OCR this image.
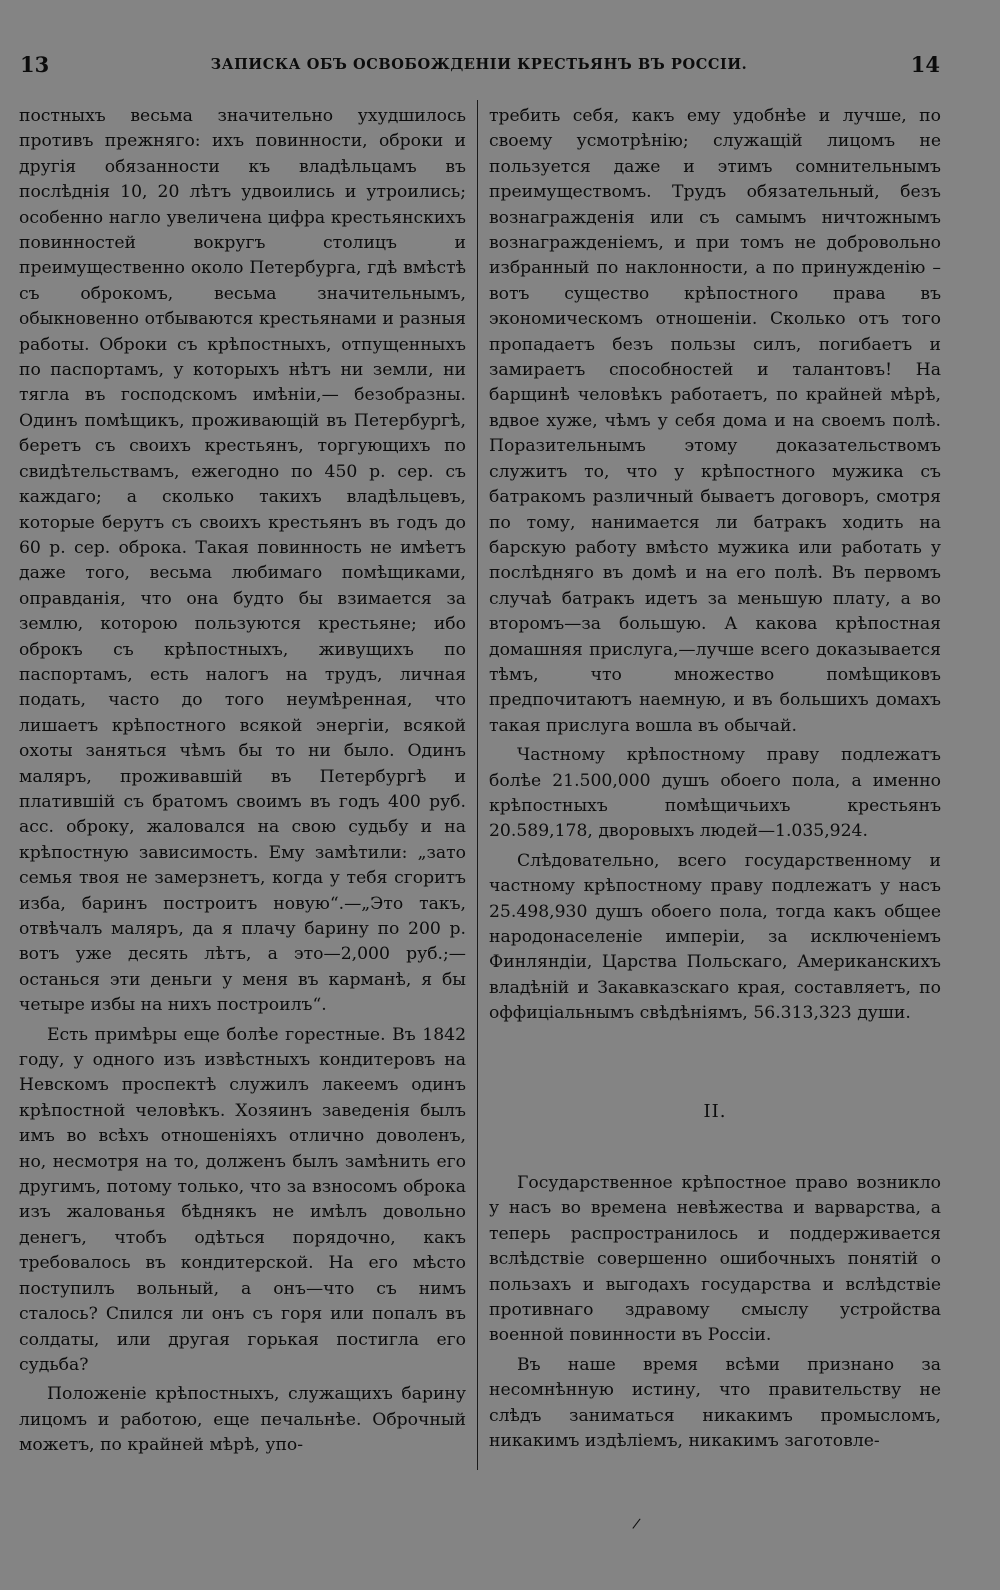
13	ЗАПИСКА ОБЪ ОСВОБОЖДЕНІИ КРЕСТЬЯНЪ ВЪ РОССІИ.	14

постныхъ весьма значительно ухудшилось противъ прежняго: ихъ повинности, оброки и другія обязанности къ владѣльцамъ въ послѣднія 10, 20 лѣтъ удвоились и утроились; особенно нагло увеличена цифра крестьянскихъ повинностей вокругъ столицъ и преимущественно около Петербурга, гдѣ вмѣстѣ съ оброкомъ, весьма значительнымъ, обыкновенно отбываются крестьянами и разныя работы. Оброки съ крѣпостныхъ, отпущенныхъ по паспортамъ, у которыхъ нѣтъ ни земли, ни тягла въ господскомъ имѣніи,— безобразны. Одинъ помѣщикъ, проживающій въ Петербургѣ, беретъ съ своихъ крестьянъ, торгующихъ по свидѣтельствамъ, ежегодно по 450 р. сер. съ каждаго; а сколько такихъ владѣльцевъ, которые берутъ съ своихъ крестьянъ въ годъ до 60 р. сер. оброка. Такая повинность не имѣетъ даже того, весьма любимаго помѣщиками, оправданія, что она будто бы взимается за землю, которою пользуются крестьяне; ибо оброкъ съ крѣпостныхъ, живущихъ по паспортамъ, есть налогъ на трудъ, личная подать, часто до того неумѣренная, что лишаетъ крѣпостного всякой энергіи, всякой охоты заняться чѣмъ бы то ни было. Одинъ маляръ, проживавшій въ Петербургѣ и платившій съ братомъ своимъ въ годъ 400 руб. асс. оброку, жаловался на свою судьбу и на крѣпостную зависимость. Ему замѣтили: „зато семья твоя не замерзнетъ, когда у тебя сгоритъ изба, баринъ построитъ новую“.—„Это такъ, отвѣчалъ маляръ, да я плачу барину по 200 р. вотъ уже десять лѣтъ, а это—2,000 руб.;—останься эти деньги у меня въ карманѣ, я бы четыре избы на нихъ построилъ“.

Есть примѣры еще болѣе горестные. Въ 1842 году, у одного изъ извѣстныхъ кондитеровъ на Невскомъ проспектѣ служилъ лакеемъ одинъ крѣпостной человѣкъ. Хозяинъ заведенія былъ имъ во всѣхъ отношеніяхъ отлично доволенъ, но, несмотря на то, долженъ былъ замѣнить его другимъ, потому только, что за взносомъ оброка изъ жалованья бѣднякъ не имѣлъ довольно денегъ, чтобъ одѣться порядочно, какъ требовалось въ кондитерской. На его мѣсто поступилъ вольный, а онъ—что съ нимъ сталось? Спился ли онъ съ горя или попалъ въ солдаты, или другая горькая постигла его судьба?

Положеніе крѣпостныхъ, служащихъ барину лицомъ и работою, еще печальнѣе. Оброчный можетъ, по крайней мѣрѣ, упо-

требить себя, какъ ему удобнѣе и лучше, по своему усмотрѣнію; служащій лицомъ не пользуется даже и этимъ сомнительнымъ преимуществомъ. Трудъ обязательный, безъ вознагражденія или съ самымъ ничтожнымъ вознагражденіемъ, и при томъ не добровольно избранный по наклонности, а по принужденію – вотъ существо крѣпостного права въ экономическомъ отношеніи. Сколько отъ того пропадаетъ безъ пользы силъ, погибаетъ и замираетъ способностей и талантовъ! На барщинѣ человѣкъ работаетъ, по крайней мѣрѣ, вдвое хуже, чѣмъ у себя дома и на своемъ полѣ. Поразительнымъ этому доказательствомъ служитъ то, что у крѣпостного мужика съ батракомъ различный бываетъ договоръ, смотря по тому, нанимается ли батракъ ходить на барскую работу вмѣсто мужика или работать у послѣдняго въ домѣ и на его полѣ. Въ первомъ случаѣ батракъ идетъ за меньшую плату, а во второмъ—за большую. А какова крѣпостная домашняя прислуга,—лучше всего доказывается тѣмъ, что множество помѣщиковъ предпочитаютъ наемную, и въ большихъ домахъ такая прислуга вошла въ обычай.

Частному крѣпостному праву подлежатъ болѣе 21.500,000 душъ обоего пола, а именно крѣпостныхъ помѣщичьихъ крестьянъ 20.589,178, дворовыхъ людей—1.035,924.

Слѣдовательно, всего государственному и частному крѣпостному праву подлежатъ у насъ 25.498,930 душъ обоего пола, тогда какъ общее народонаселеніе имперіи, за исключеніемъ Финляндіи, Царства Польскаго, Американскихъ владѣній и Закавказскаго края, составляетъ, по оффиціальнымъ свѣдѣніямъ, 56.313,323 души.

II.

Государственное крѣпостное право возникло у насъ во времена невѣжества и варварства, а теперь распространилось и поддерживается вслѣдствіе совершенно ошибочныхъ понятій о пользахъ и выгодахъ государства и вслѣдствіе противнаго здравому смыслу устройства военной повинности въ Россіи.

Въ наше время всѣми признано за несомнѣнную истину, что правительству не слѣдъ заниматься никакимъ промысломъ, никакимъ издѣліемъ, никакимъ заготовле-

/
